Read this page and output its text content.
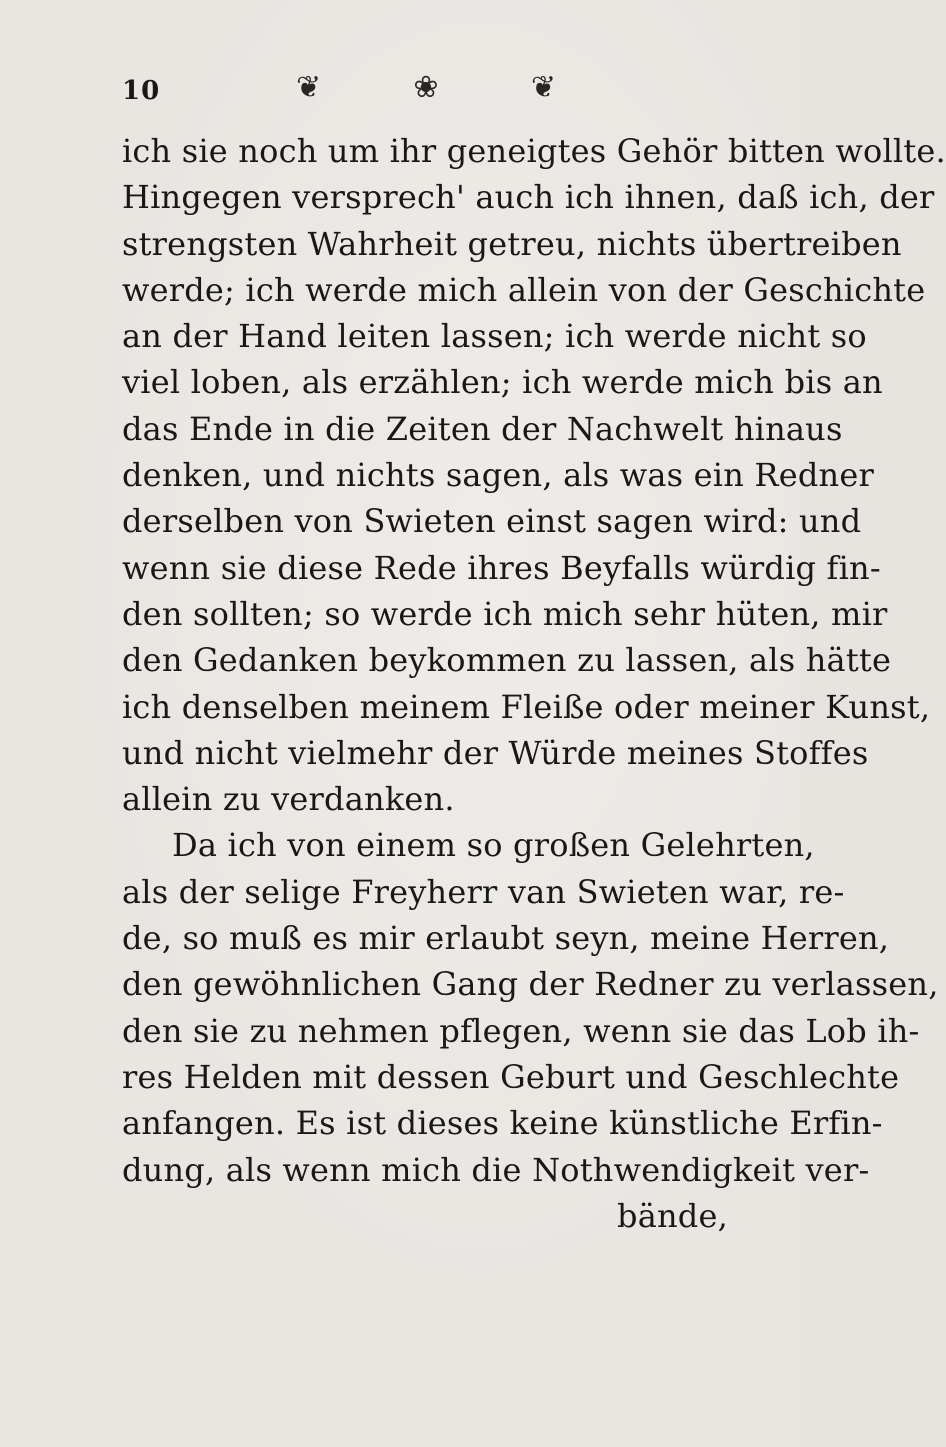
10	❦	❀	❦
ich sie noch um ihr geneigtes Gehör bitten wollte.
Hingegen versprech' auch ich ihnen, daß ich, der
strengsten Wahrheit getreu, nichts übertreiben
werde; ich werde mich allein von der Geschichte
an der Hand leiten lassen; ich werde nicht so
viel loben, als erzählen; ich werde mich bis an
das Ende in die Zeiten der Nachwelt hinaus
denken, und nichts sagen, als was ein Redner
derselben von Swieten einst sagen wird: und
wenn sie diese Rede ihres Beyfalls würdig fin-
den sollten; so werde ich mich sehr hüten, mir
den Gedanken beykommen zu lassen, als hätte
ich denselben meinem Fleiße oder meiner Kunst,
und nicht vielmehr der Würde meines Stoffes
allein zu verdanken.
Da ich von einem so großen Gelehrten,
als der selige Freyherr van Swieten war, re-
de, so muß es mir erlaubt seyn, meine Herren,
den gewöhnlichen Gang der Redner zu verlassen,
den sie zu nehmen pflegen, wenn sie das Lob ih-
res Helden mit dessen Geburt und Geschlechte
anfangen. Es ist dieses keine künstliche Erfin-
dung, als wenn mich die Nothwendigkeit ver-
bände,
